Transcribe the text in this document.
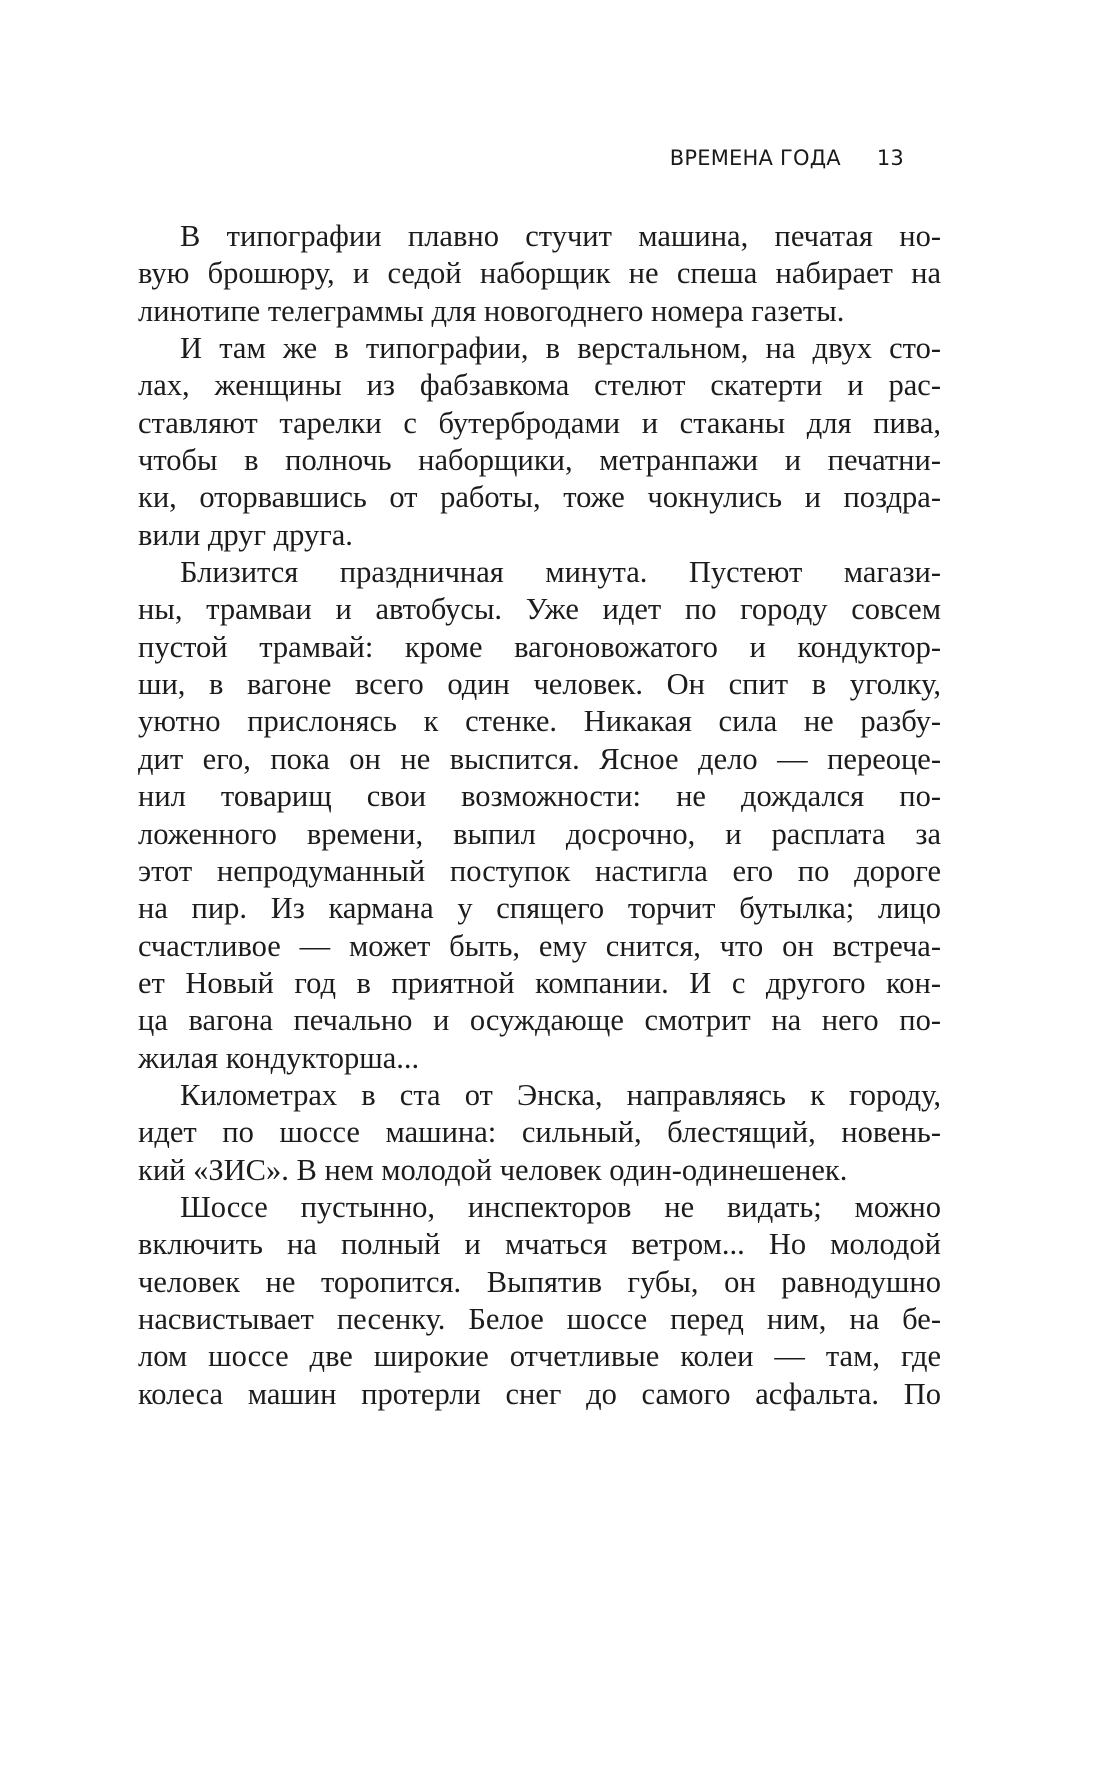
ВРЕМЕНА ГОДА 13
В типографии плавно стучит машина, печатая но-
вую брошюру, и седой наборщик не спеша набирает на
линотипе телеграммы для новогоднего номера газеты.
И там же в типографии, в верстальном, на двух сто-
лах, женщины из фабзавкома стелют скатерти и рас-
ставляют тарелки с бутербродами и стаканы для пива,
чтобы в полночь наборщики, метранпажи и печатни-
ки, оторвавшись от работы, тоже чокнулись и поздра-
вили друг друга.
Близится праздничная минута. Пустеют магази-
ны, трамваи и автобусы. Уже идет по городу совсем
пустой трамвай: кроме вагоновожатого и кондуктор-
ши, в вагоне всего один человек. Он спит в уголку,
уютно прислонясь к стенке. Никакая сила не разбу-
дит его, пока он не выспится. Ясное дело — переоце-
нил товарищ свои возможности: не дождался по-
ложенного времени, выпил досрочно, и расплата за
этот непродуманный поступок настигла его по дороге
на пир. Из кармана у спящего торчит бутылка; лицо
счастливое — может быть, ему снится, что он встреча-
ет Новый год в приятной компании. И с другого кон-
ца вагона печально и осуждающе смотрит на него по-
жилая кондукторша...
Километрах в ста от Энска, направляясь к городу,
идет по шоссе машина: сильный, блестящий, новень-
кий «ЗИС». В нем молодой человек один-одинешенек.
Шоссе пустынно, инспекторов не видать; можно
включить на полный и мчаться ветром... Но молодой
человек не торопится. Выпятив губы, он равнодушно
насвистывает песенку. Белое шоссе перед ним, на бе-
лом шоссе две широкие отчетливые колеи — там, где
колеса машин протерли снег до самого асфальта. По
